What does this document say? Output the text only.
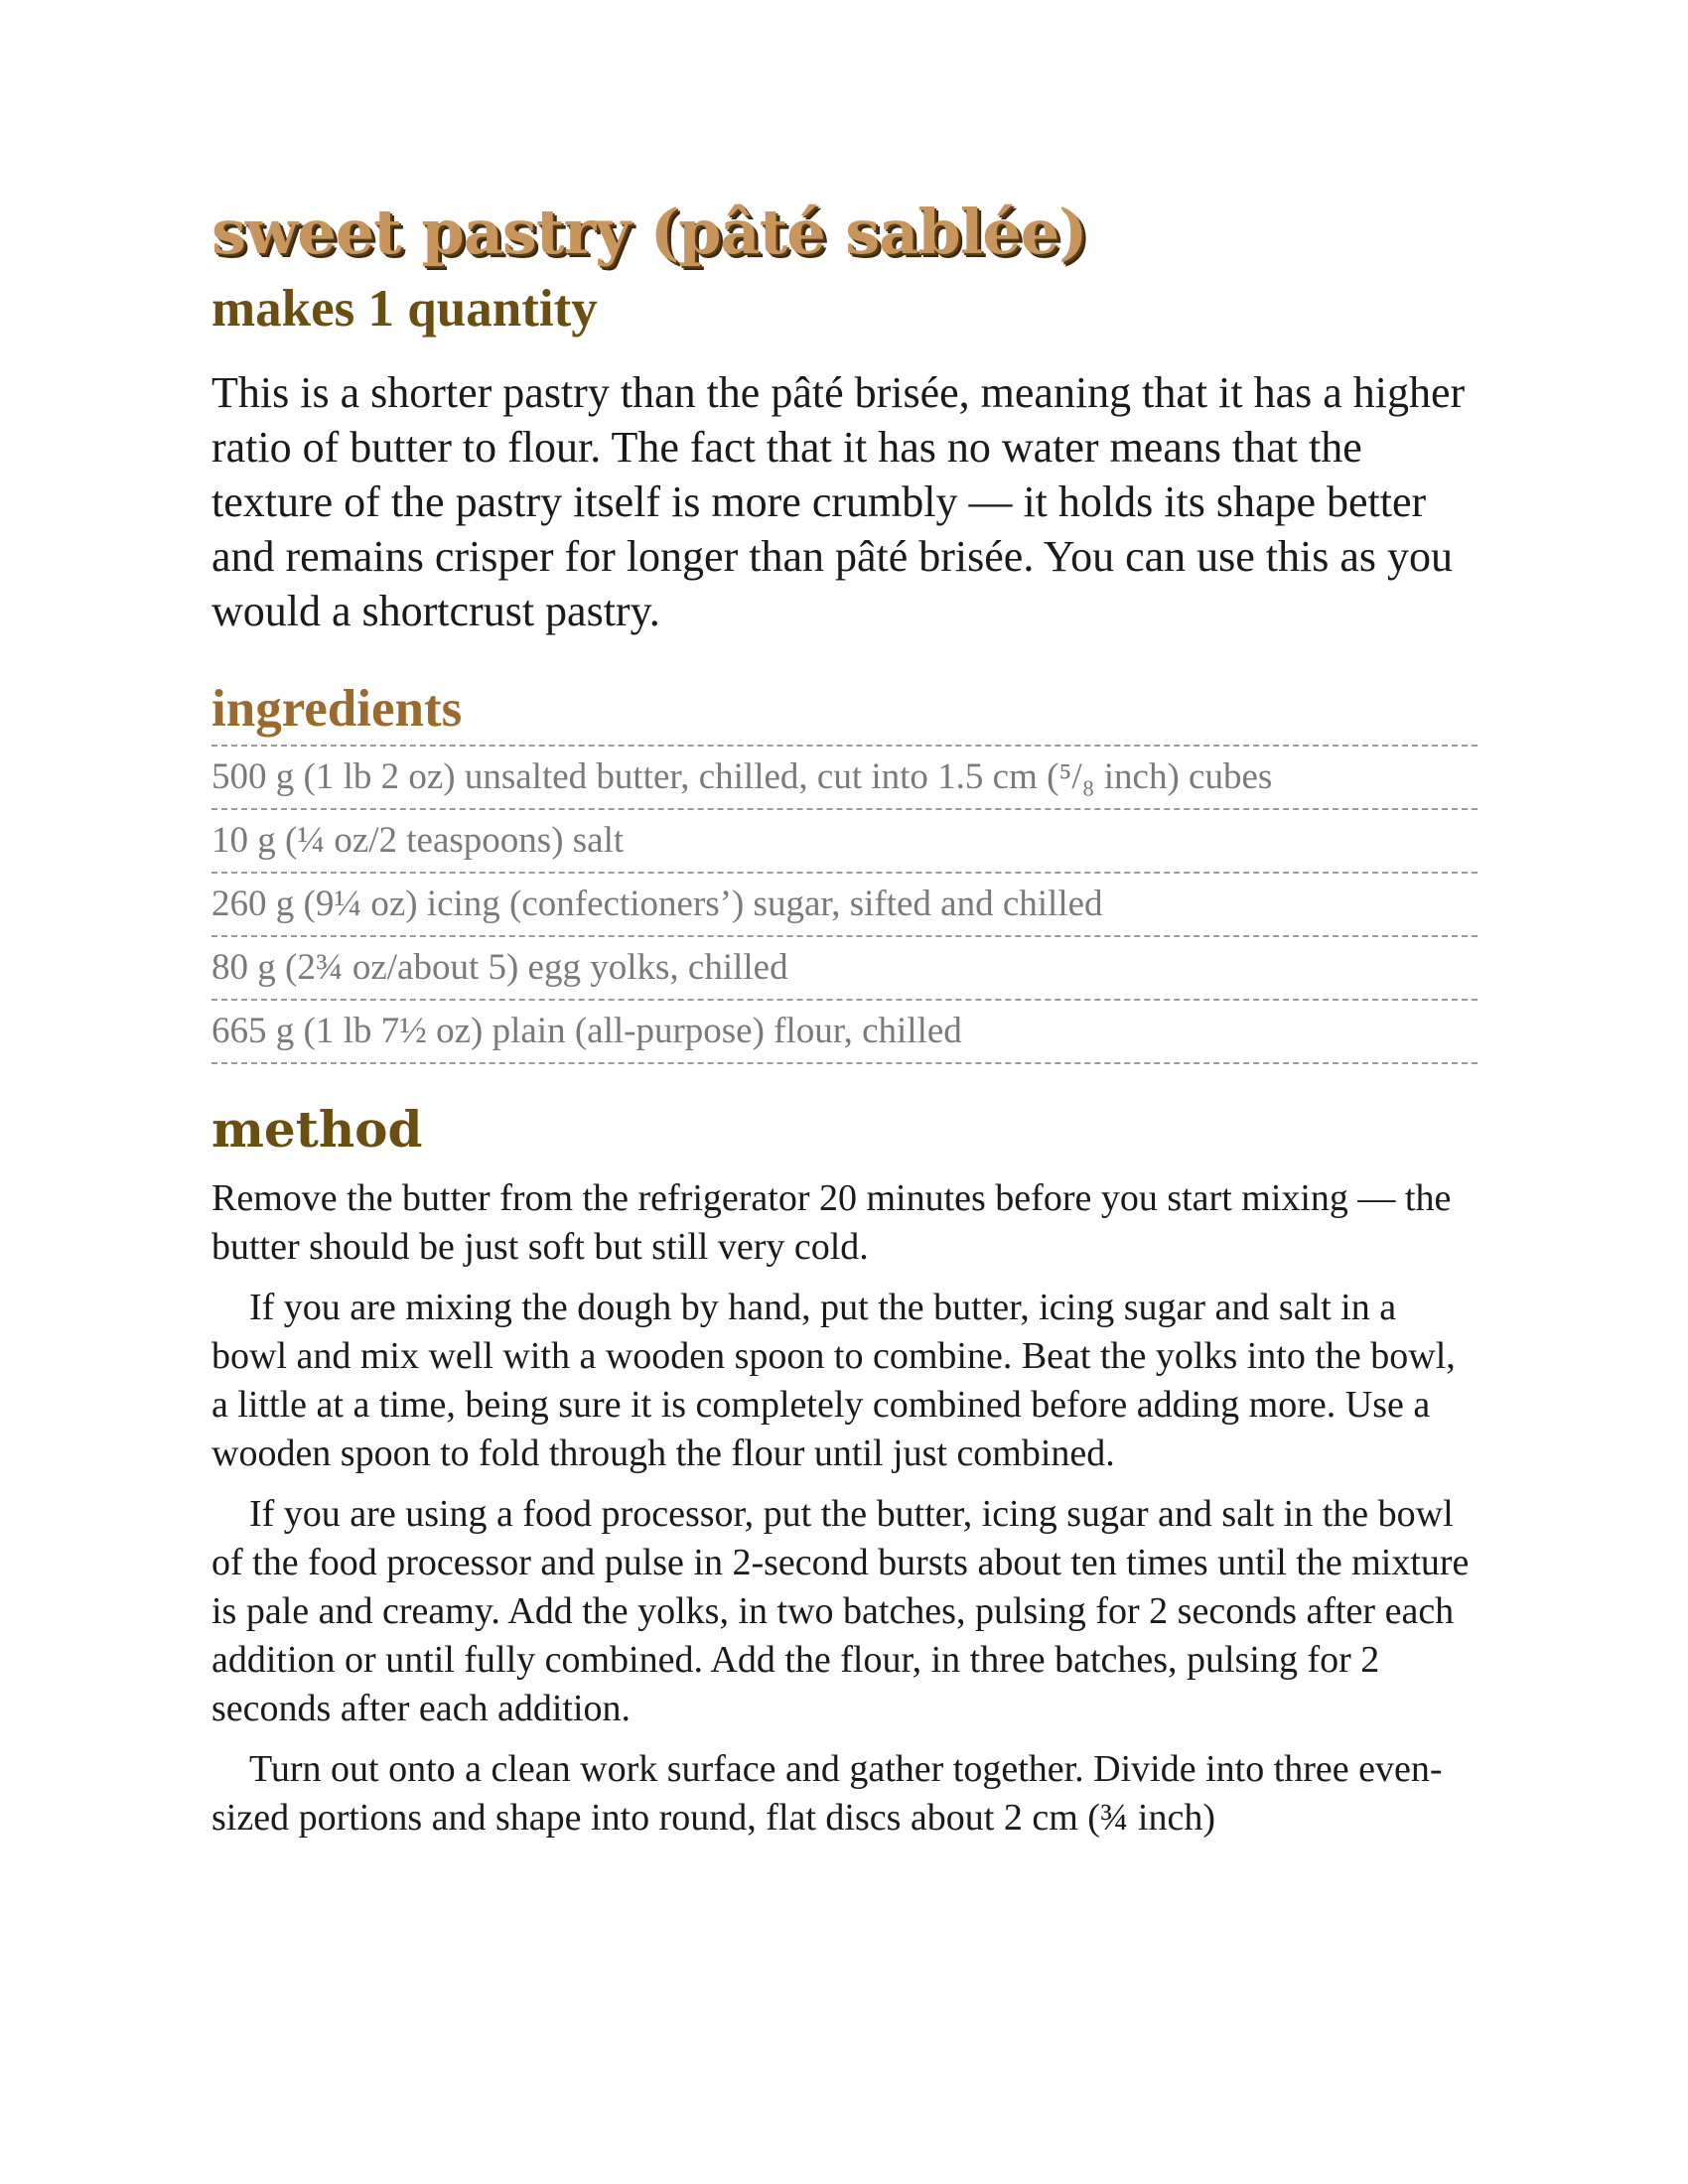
sweet pastry (pâté sablée)
makes 1 quantity

This is a shorter pastry than the pâté brisée, meaning that it has a higher ratio of butter to flour. The fact that it has no water means that the texture of the pastry itself is more crumbly — it holds its shape better and remains crisper for longer than pâté brisée. You can use this as you would a shortcrust pastry.

ingredients
500 g (1 lb 2 oz) unsalted butter, chilled, cut into 1.5 cm (⁵/₈ inch) cubes
10 g (¼ oz/2 teaspoons) salt
260 g (9¼ oz) icing (confectioners’) sugar, sifted and chilled
80 g (2¾ oz/about 5) egg yolks, chilled
665 g (1 lb 7½ oz) plain (all-purpose) flour, chilled
method

Remove the butter from the refrigerator 20 minutes before you start mixing — the butter should be just soft but still very cold.

If you are mixing the dough by hand, put the butter, icing sugar and salt in a bowl and mix well with a wooden spoon to combine. Beat the yolks into the bowl, a little at a time, being sure it is completely combined before adding more. Use a wooden spoon to fold through the flour until just combined.

If you are using a food processor, put the butter, icing sugar and salt in the bowl of the food processor and pulse in 2-second bursts about ten times until the mixture is pale and creamy. Add the yolks, in two batches, pulsing for 2 seconds after each addition or until fully combined. Add the flour, in three batches, pulsing for 2 seconds after each addition.

Turn out onto a clean work surface and gather together. Divide into three even-sized portions and shape into round, flat discs about 2 cm (¾ inch)
